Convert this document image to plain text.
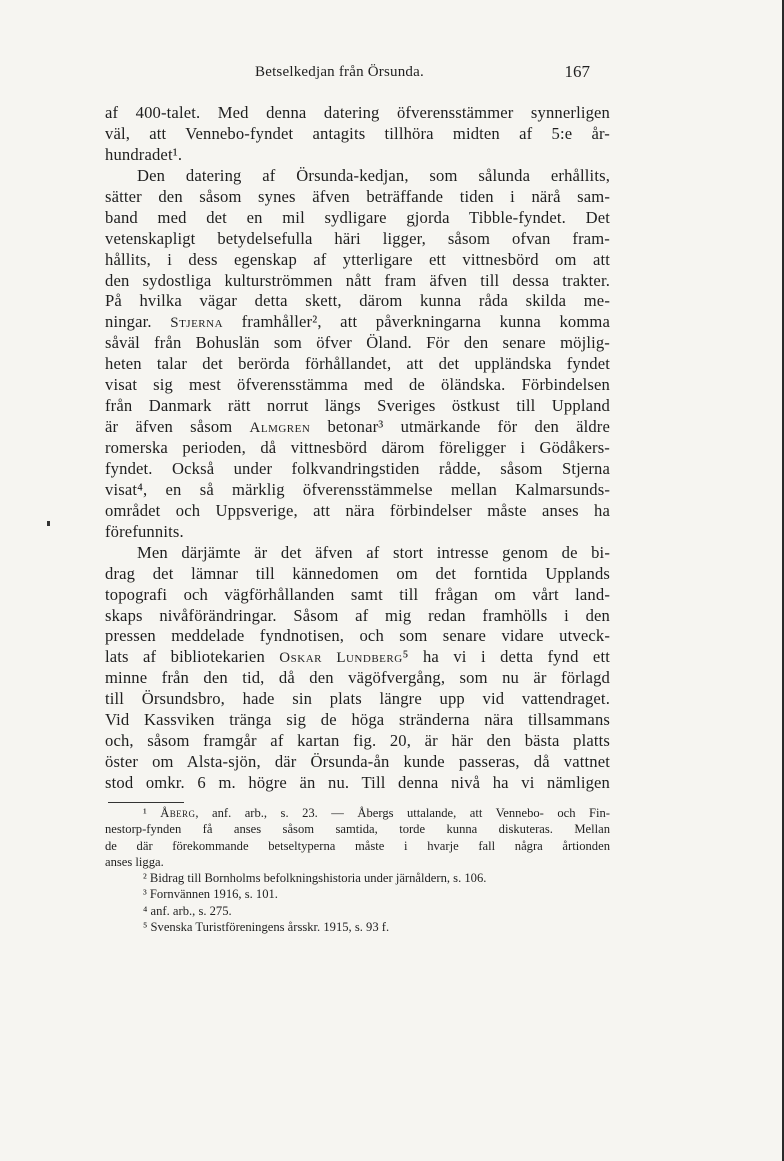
Betselkedjan från Örsunda.	167
af 400-talet. Med denna datering öfverensstämmer synnerligen
väl, att Vennebo-fyndet antagits tillhöra midten af 5:e år-
hundradet¹.
Den datering af Örsunda-kedjan, som sålunda erhållits,
sätter den såsom synes äfven beträffande tiden i närå sam-
band med det en mil sydligare gjorda Tibble-fyndet. Det
vetenskapligt betydelsefulla häri ligger, såsom ofvan fram-
hållits, i dess egenskap af ytterligare ett vittnesbörd om att
den sydostliga kulturströmmen nått fram äfven till dessa trakter.
På hvilka vägar detta skett, därom kunna råda skilda me-
ningar. Stjerna framhåller², att påverkningarna kunna komma
såväl från Bohuslän som öfver Öland. För den senare möjlig-
heten talar det berörda förhållandet, att det uppländska fyndet
visat sig mest öfverensstämma med de öländska. Förbindelsen
från Danmark rätt norrut längs Sveriges östkust till Uppland
är äfven såsom Almgren betonar³ utmärkande för den äldre
romerska perioden, då vittnesbörd därom föreligger i Gödåkers-
fyndet. Också under folkvandringstiden rådde, såsom Stjerna
visat⁴, en så märklig öfverensstämmelse mellan Kalmarsunds-
området och Uppsverige, att nära förbindelser måste anses ha
förefunnits.
Men därjämte är det äfven af stort intresse genom de bi-
drag det lämnar till kännedomen om det forntida Upplands
topografi och vägförhållanden samt till frågan om vårt land-
skaps nivåförändringar. Såsom af mig redan framhölls i den
pressen meddelade fyndnotisen, och som senare vidare utveck-
lats af bibliotekarien Oskar Lundberg⁵ ha vi i detta fynd ett
minne från den tid, då den vägöfvergång, som nu är förlagd
till Örsundsbro, hade sin plats längre upp vid vattendraget.
Vid Kassviken tränga sig de höga stränderna nära tillsammans
och, såsom framgår af kartan fig. 20, är här den bästa platts
öster om Alsta-sjön, där Örsunda-ån kunde passeras, då vattnet
stod omkr. 6 m. högre än nu. Till denna nivå ha vi nämligen
¹ Åberg, anf. arb., s. 23. — Åbergs uttalande, att Vennebo- och Fin-
nestorp-fynden få anses såsom samtida, torde kunna diskuteras. Mellan
de där förekommande betseltyperna måste i hvarje fall några årtionden
anses ligga.
² Bidrag till Bornholms befolkningshistoria under järnåldern, s. 106.
³ Fornvännen 1916, s. 101.
⁴ anf. arb., s. 275.
⁵ Svenska Turistföreningens årsskr. 1915, s. 93 f.
